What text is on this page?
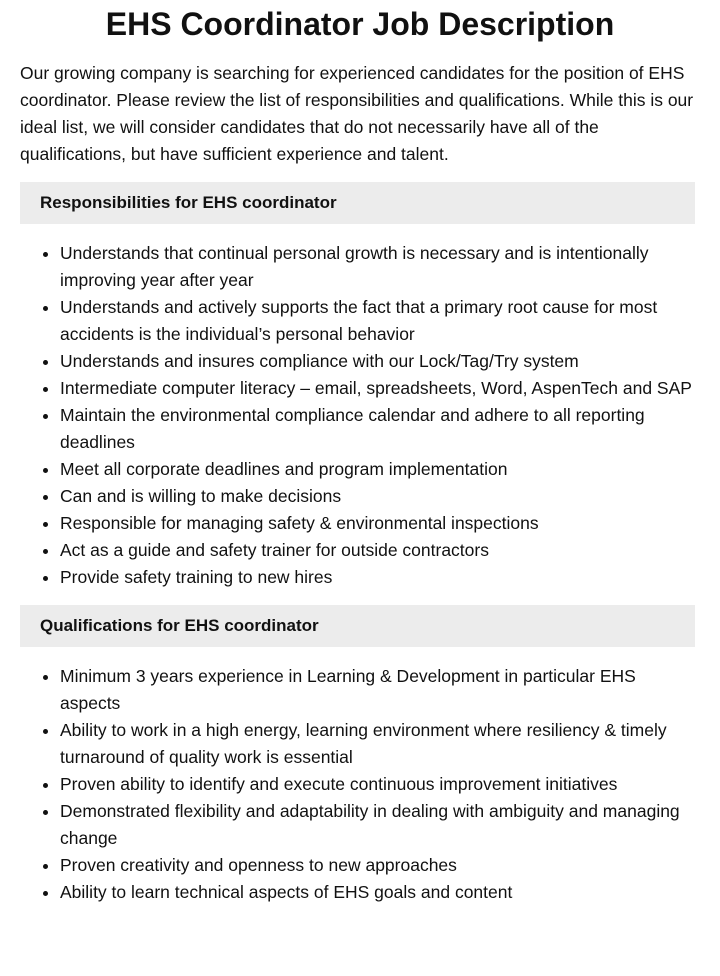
EHS Coordinator Job Description

Our growing company is searching for experienced candidates for the position of EHS coordinator. Please review the list of responsibilities and qualifications. While this is our ideal list, we will consider candidates that do not necessarily have all of the qualifications, but have sufficient experience and talent.

Responsibilities for EHS coordinator
• Understands that continual personal growth is necessary and is intentionally improving year after year
• Understands and actively supports the fact that a primary root cause for most accidents is the individual’s personal behavior
• Understands and insures compliance with our Lock/Tag/Try system
• Intermediate computer literacy – email, spreadsheets, Word, AspenTech and SAP
• Maintain the environmental compliance calendar and adhere to all reporting deadlines
• Meet all corporate deadlines and program implementation
• Can and is willing to make decisions
• Responsible for managing safety & environmental inspections
• Act as a guide and safety trainer for outside contractors
• Provide safety training to new hires
Qualifications for EHS coordinator
• Minimum 3 years experience in Learning & Development in particular EHS aspects
• Ability to work in a high energy, learning environment where resiliency & timely turnaround of quality work is essential
• Proven ability to identify and execute continuous improvement initiatives
• Demonstrated flexibility and adaptability in dealing with ambiguity and managing change
• Proven creativity and openness to new approaches
• Ability to learn technical aspects of EHS goals and content
